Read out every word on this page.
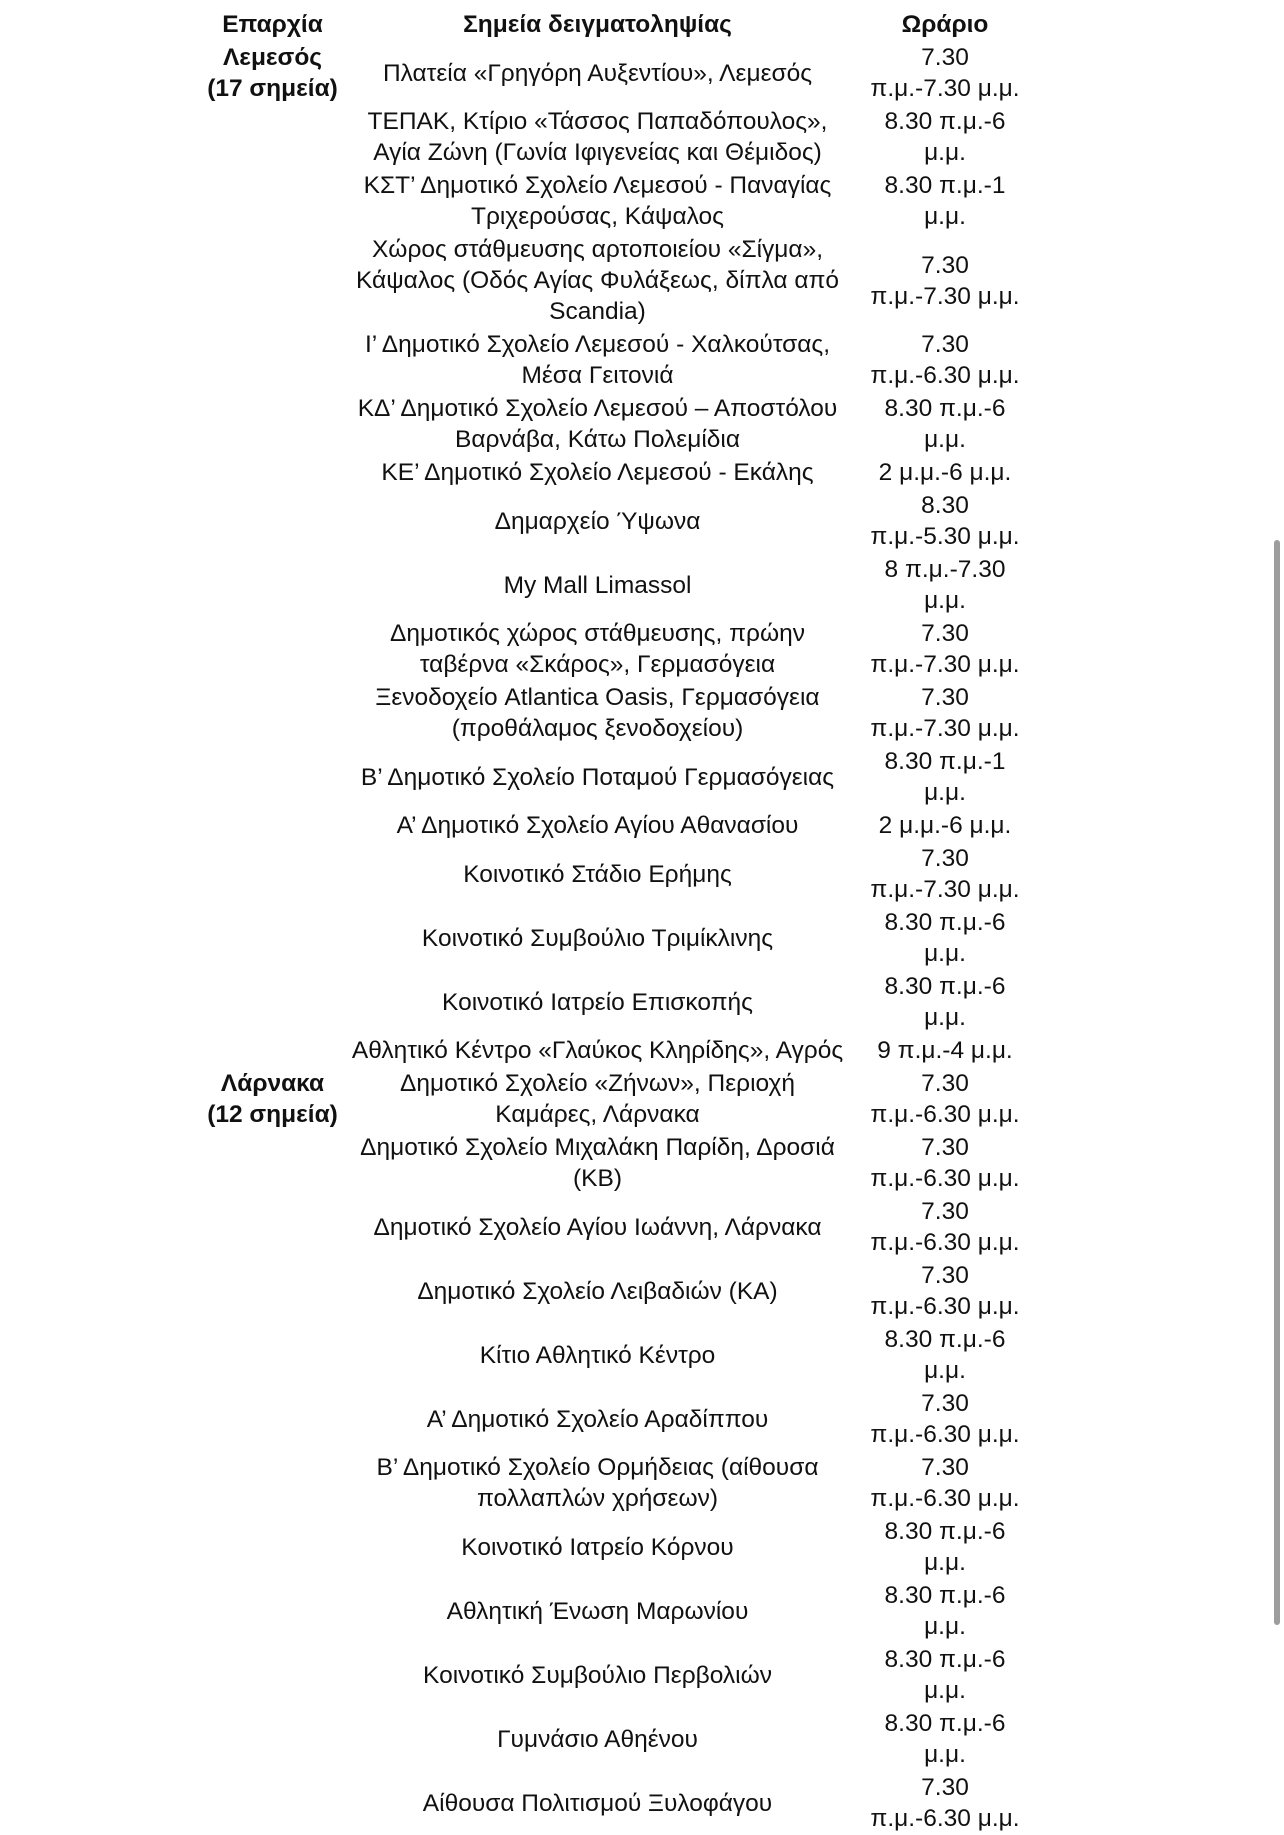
Επαρχία	Σημεία δειγματοληψίας	Ωράριο

Λεμεσός
(17 σημεία)	Πλατεία «Γρηγόρη Αυξεντίου», Λεμεσός	7.30 π.μ.-7.30 μ.μ.
	ΤΕΠΑΚ, Κτίριο «Τάσσος Παπαδόπουλος», Αγία Ζώνη (Γωνία Ιφιγενείας και Θέμιδος)	8.30 π.μ.-6 μ.μ.
	ΚΣΤ’ Δημοτικό Σχολείο Λεμεσού - Παναγίας Τριχερούσας, Κάψαλος	8.30 π.μ.-1 μ.μ.
	Χώρος στάθμευσης αρτοποιείου «Σίγμα», Κάψαλος (Οδός Αγίας Φυλάξεως, δίπλα από Scandia)	7.30 π.μ.-7.30 μ.μ.
	Ι’ Δημοτικό Σχολείο Λεμεσού - Χαλκούτσας, Μέσα Γειτονιά	7.30 π.μ.-6.30 μ.μ.
	ΚΔ’ Δημοτικό Σχολείο Λεμεσού – Αποστόλου Βαρνάβα, Κάτω Πολεμίδια	8.30 π.μ.-6 μ.μ.
	ΚΕ’ Δημοτικό Σχολείο Λεμεσού - Εκάλης	2 μ.μ.-6 μ.μ.
	Δημαρχείο Ύψωνα	8.30 π.μ.-5.30 μ.μ.
	My Mall Limassol	8 π.μ.-7.30 μ.μ.
	Δημοτικός χώρος στάθμευσης, πρώην ταβέρνα «Σκάρος», Γερμασόγεια	7.30 π.μ.-7.30 μ.μ.
	Ξενοδοχείο Atlantica Oasis, Γερμασόγεια (προθάλαμος ξενοδοχείου)	7.30 π.μ.-7.30 μ.μ.
	Β’ Δημοτικό Σχολείο Ποταμού Γερμασόγειας	8.30 π.μ.-1 μ.μ.
	Α’ Δημοτικό Σχολείο Αγίου Αθανασίου	2 μ.μ.-6 μ.μ.
	Κοινοτικό Στάδιο Ερήμης	7.30 π.μ.-7.30 μ.μ.
	Κοινοτικό Συμβούλιο Τριμίκλινης	8.30 π.μ.-6 μ.μ.
	Κοινοτικό Ιατρείο Επισκοπής	8.30 π.μ.-6 μ.μ.
	Αθλητικό Κέντρο «Γλαύκος Κληρίδης», Αγρός	9 π.μ.-4 μ.μ.

Λάρνακα
(12 σημεία)	Δημοτικό Σχολείο «Ζήνων», Περιοχή Καμάρες, Λάρνακα	7.30 π.μ.-6.30 μ.μ.
	Δημοτικό Σχολείο Μιχαλάκη Παρίδη, Δροσιά (ΚΒ)	7.30 π.μ.-6.30 μ.μ.
	Δημοτικό Σχολείο Αγίου Ιωάννη, Λάρνακα	7.30 π.μ.-6.30 μ.μ.
	Δημοτικό Σχολείο Λειβαδιών (ΚΑ)	7.30 π.μ.-6.30 μ.μ.
	Κίτιο Αθλητικό Κέντρο	8.30 π.μ.-6 μ.μ.
	Α’ Δημοτικό Σχολείο Αραδίππου	7.30 π.μ.-6.30 μ.μ.
	Β’ Δημοτικό Σχολείο Ορμήδειας (αίθουσα πολλαπλών χρήσεων)	7.30 π.μ.-6.30 μ.μ.
	Κοινοτικό Ιατρείο Κόρνου	8.30 π.μ.-6 μ.μ.
	Αθλητική Ένωση Μαρωνίου	8.30 π.μ.-6 μ.μ.
	Κοινοτικό Συμβούλιο Περβολιών	8.30 π.μ.-6 μ.μ.
	Γυμνάσιο Αθηένου	8.30 π.μ.-6 μ.μ.
	Αίθουσα Πολιτισμού Ξυλοφάγου	7.30 π.μ.-6.30 μ.μ.
